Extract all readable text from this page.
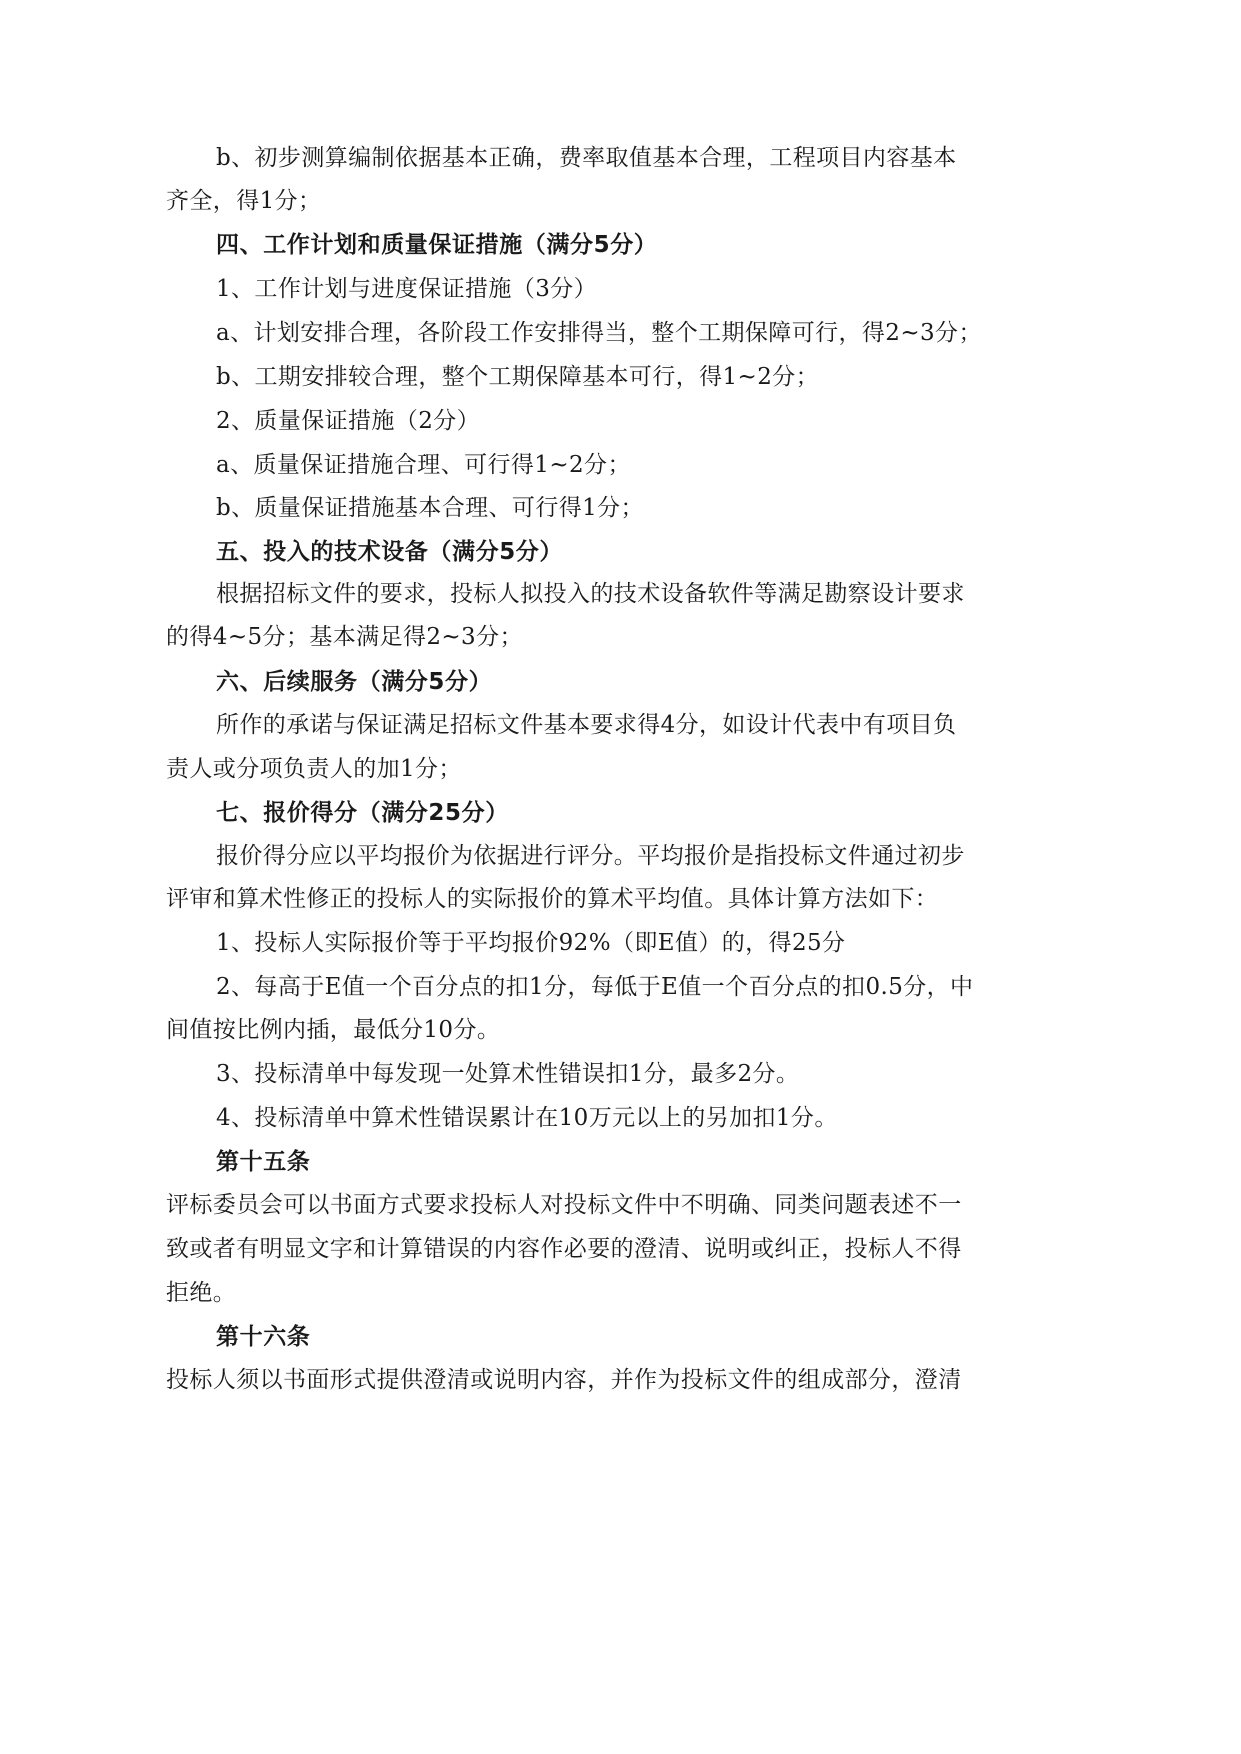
b、初步测算编制依据基本正确，费率取值基本合理，工程项目内容基本
齐全，得1分；
四、工作计划和质量保证措施（满分5分）
1、工作计划与进度保证措施（3分）
a、计划安排合理，各阶段工作安排得当，整个工期保障可行，得2~3分；
b、工期安排较合理，整个工期保障基本可行，得1~2分；
2、质量保证措施（2分）
a、质量保证措施合理、可行得1~2分；
b、质量保证措施基本合理、可行得1分；
五、投入的技术设备（满分5分）
根据招标文件的要求，投标人拟投入的技术设备软件等满足勘察设计要求
的得4~5分；基本满足得2~3分；
六、后续服务（满分5分）
所作的承诺与保证满足招标文件基本要求得4分，如设计代表中有项目负
责人或分项负责人的加1分；
七、报价得分（满分25分）
报价得分应以平均报价为依据进行评分。平均报价是指投标文件通过初步
评审和算术性修正的投标人的实际报价的算术平均值。具体计算方法如下：
1、投标人实际报价等于平均报价92%（即E值）的，得25分
2、每高于E值一个百分点的扣1分，每低于E值一个百分点的扣0.5分，中
间值按比例内插，最低分10分。
3、投标清单中每发现一处算术性错误扣1分，最多2分。
4、投标清单中算术性错误累计在10万元以上的另加扣1分。
第十五条
评标委员会可以书面方式要求投标人对投标文件中不明确、同类问题表述不一
致或者有明显文字和计算错误的内容作必要的澄清、说明或纠正，投标人不得
拒绝。
第十六条
投标人须以书面形式提供澄清或说明内容，并作为投标文件的组成部分，澄清
